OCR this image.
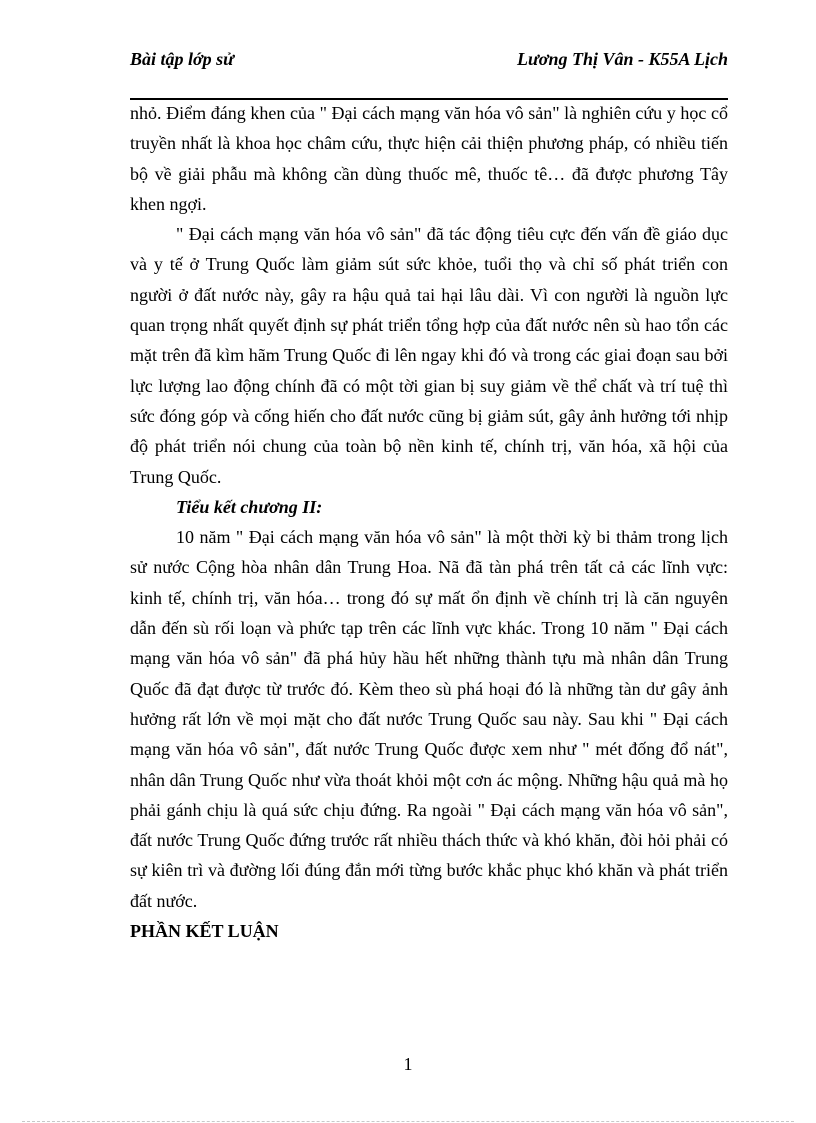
Bài tập lớp sử	Lương Thị Vân - K55A Lịch

nhỏ. Điểm đáng khen của " Đại cách mạng văn hóa vô sản" là nghiên cứu y học cổ truyền nhất là khoa học châm cứu, thực hiện cải thiện phương pháp, có nhiều tiến bộ về giải phẫu mà không cần dùng thuốc mê, thuốc tê… đã được phương Tây khen ngợi.

" Đại cách mạng văn hóa vô sản" đã tác động tiêu cực đến vấn đề giáo dục và y tế ở Trung Quốc làm giảm sút sức khỏe, tuổi thọ và chỉ số phát triển con người ở đất nước này, gây ra hậu quả tai hại lâu dài. Vì con người là nguồn lực quan trọng nhất quyết định sự phát triển tổng hợp của đất nước nên sù hao tổn các mặt trên đã kìm hãm Trung Quốc đi lên ngay khi đó và trong các giai đoạn sau bởi lực lượng lao động chính đã có một tời gian bị suy giảm về thể chất và trí tuệ thì sức đóng góp và cống hiến cho đất nước cũng bị giảm sút, gây ảnh hưởng tới nhịp độ phát triển nói chung của toàn bộ nền kinh tế, chính trị, văn hóa, xã hội của Trung Quốc.

Tiểu kết chương II:

10 năm " Đại cách mạng văn hóa vô sản" là một thời kỳ bi thảm trong lịch sử nước Cộng hòa nhân dân Trung Hoa. Nã đã tàn phá trên tất cả các lĩnh vực: kinh tế, chính trị, văn hóa… trong đó sự mất ổn định về chính trị là căn nguyên dẫn đến sù rối loạn và phức tạp trên các lĩnh vực khác. Trong 10 năm " Đại cách mạng văn hóa vô sản" đã phá hủy hầu hết những thành tựu mà nhân dân Trung Quốc đã đạt được từ trước đó. Kèm theo sù phá hoại đó là những tàn dư gây ảnh hưởng rất lớn về mọi mặt cho đất nước Trung Quốc sau này. Sau khi " Đại cách mạng văn hóa vô sản", đất nước Trung Quốc được xem như " mét đống đổ nát", nhân dân Trung Quốc như vừa thoát khỏi một cơn ác mộng. Những hậu quả mà họ phải gánh chịu là quá sức chịu đứng. Ra ngoài " Đại cách mạng văn hóa vô sản", đất nước Trung Quốc đứng trước rất nhiều thách thức và khó khăn, đòi hỏi phải có sự kiên trì và đường lối đúng đắn mới từng bước khắc phục khó khăn và phát triển đất nước.

PHẦN KẾT LUẬN

1
